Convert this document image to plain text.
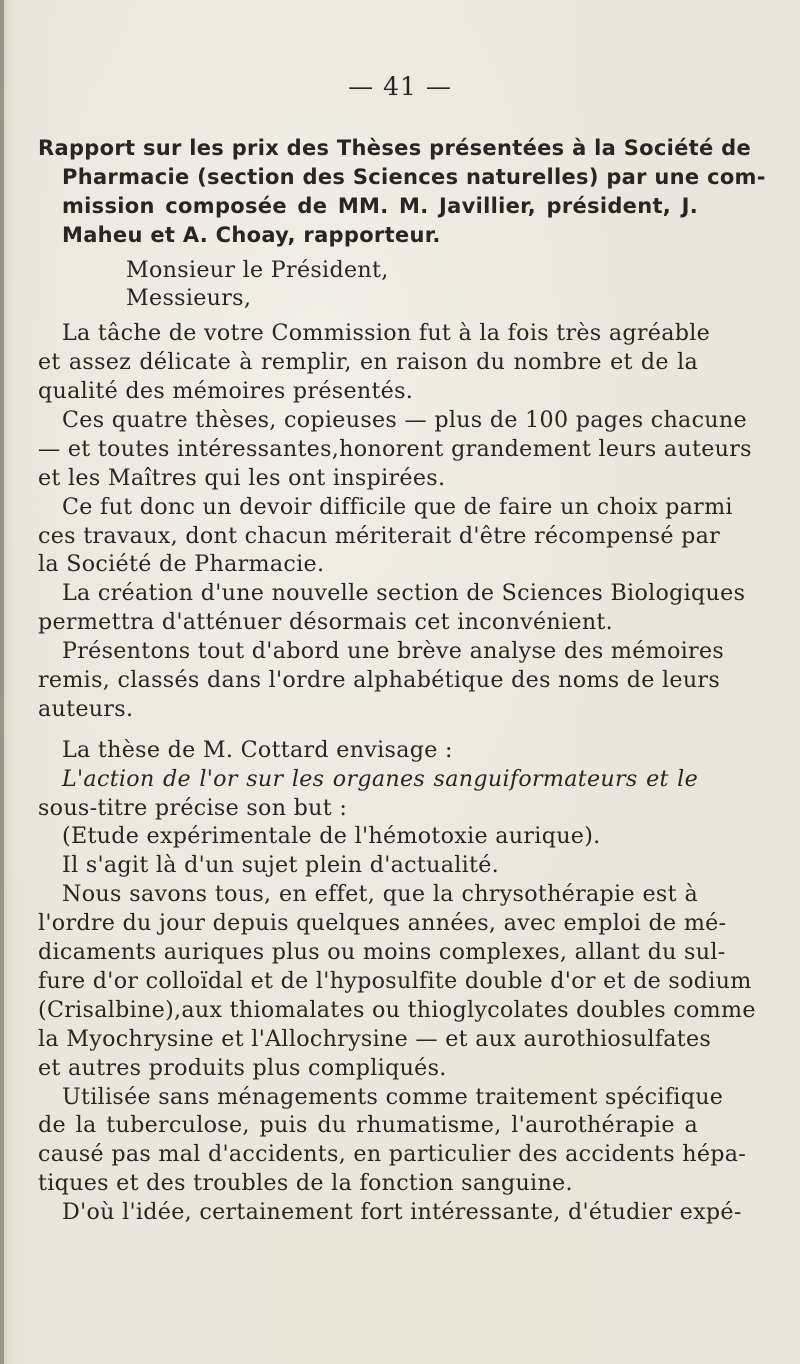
— 41 —
Rapport sur les prix des Thèses présentées à la Société de
Pharmacie (section des Sciences naturelles) par une com-
mission composée de MM. M. Javillier, président, J.
Maheu et A. Choay, rapporteur.
Monsieur le Président,
Messieurs,
La tâche de votre Commission fut à la fois très agréable
et assez délicate à remplir, en raison du nombre et de la
qualité des mémoires présentés.
Ces quatre thèses, copieuses — plus de 100 pages chacune
— et toutes intéressantes,honorent grandement leurs auteurs
et les Maîtres qui les ont inspirées.
Ce fut donc un devoir difficile que de faire un choix parmi
ces travaux, dont chacun mériterait d'être récompensé par
la Société de Pharmacie.
La création d'une nouvelle section de Sciences Biologiques
permettra d'atténuer désormais cet inconvénient.
Présentons tout d'abord une brève analyse des mémoires
remis, classés dans l'ordre alphabétique des noms de leurs
auteurs.
La thèse de M. Cottard envisage :
L'action de l'or sur les organes sanguiformateurs et le
sous-titre précise son but :
(Etude expérimentale de l'hémotoxie aurique).
Il s'agit là d'un sujet plein d'actualité.
Nous savons tous, en effet, que la chrysothérapie est à
l'ordre du jour depuis quelques années, avec emploi de mé-
dicaments auriques plus ou moins complexes, allant du sul-
fure d'or colloïdal et de l'hyposulfite double d'or et de sodium
(Crisalbine),aux thiomalates ou thioglycolates doubles comme
la Myochrysine et l'Allochrysine — et aux aurothiosulfates
et autres produits plus compliqués.
Utilisée sans ménagements comme traitement spécifique
de la tuberculose, puis du rhumatisme, l'aurothérapie a
causé pas mal d'accidents, en particulier des accidents hépa-
tiques et des troubles de la fonction sanguine.
D'où l'idée, certainement fort intéressante, d'étudier expé-
